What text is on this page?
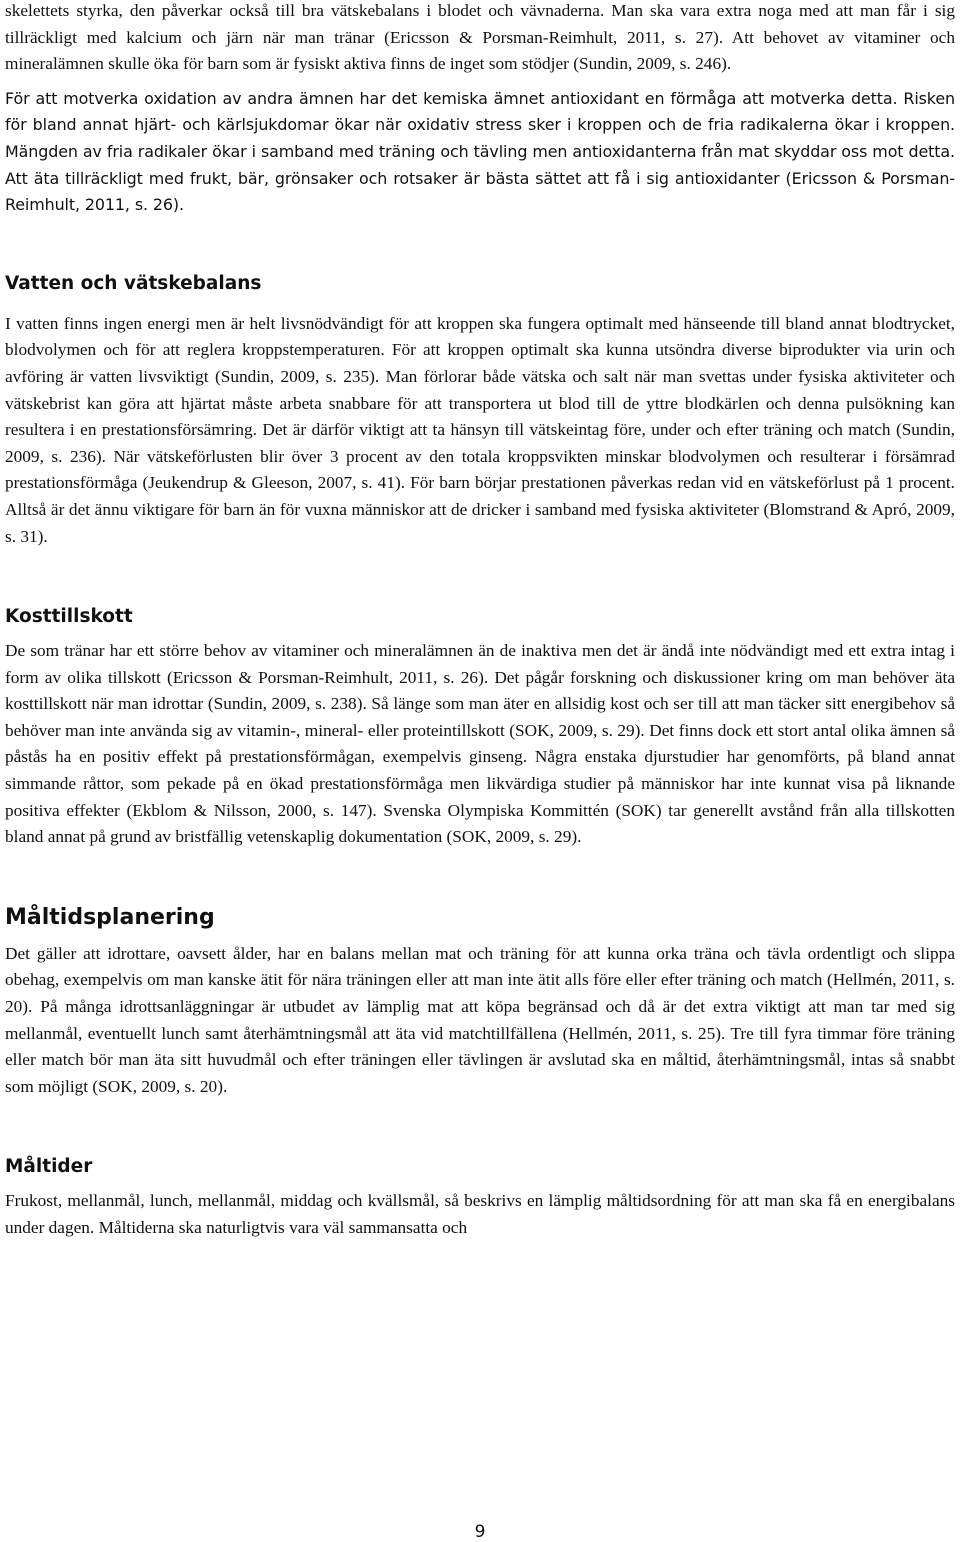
skelettets styrka, den påverkar också till bra vätskebalans i blodet och vävnaderna. Man ska vara extra noga med att man får i sig tillräckligt med kalcium och järn när man tränar (Ericsson & Porsman-Reimhult, 2011, s. 27). Att behovet av vitaminer och mineralämnen skulle öka för barn som är fysiskt aktiva finns de inget som stödjer (Sundin, 2009, s. 246).

För att motverka oxidation av andra ämnen har det kemiska ämnet antioxidant en förmåga att motverka detta. Risken för bland annat hjärt- och kärlsjukdomar ökar när oxidativ stress sker i kroppen och de fria radikalerna ökar i kroppen. Mängden av fria radikaler ökar i samband med träning och tävling men antioxidanterna från mat skyddar oss mot detta. Att äta tillräckligt med frukt, bär, grönsaker och rotsaker är bästa sättet att få i sig antioxidanter (Ericsson & Porsman-Reimhult, 2011, s. 26).

Vatten och vätskebalans

I vatten finns ingen energi men är helt livsnödvändigt för att kroppen ska fungera optimalt med hänseende till bland annat blodtrycket, blodvolymen och för att reglera kroppstemperaturen. För att kroppen optimalt ska kunna utsöndra diverse biprodukter via urin och avföring är vatten livsviktigt (Sundin, 2009, s. 235). Man förlorar både vätska och salt när man svettas under fysiska aktiviteter och vätskebrist kan göra att hjärtat måste arbeta snabbare för att transportera ut blod till de yttre blodkärlen och denna pulsökning kan resultera i en prestationsförsämring. Det är därför viktigt att ta hänsyn till vätskeintag före, under och efter träning och match (Sundin, 2009, s. 236). När vätskeförlusten blir över 3 procent av den totala kroppsvikten minskar blodvolymen och resulterar i försämrad prestationsförmåga (Jeukendrup & Gleeson, 2007, s. 41). För barn börjar prestationen påverkas redan vid en vätskeförlust på 1 procent. Alltså är det ännu viktigare för barn än för vuxna människor att de dricker i samband med fysiska aktiviteter (Blomstrand & Apró, 2009, s. 31).

Kosttillskott

De som tränar har ett större behov av vitaminer och mineralämnen än de inaktiva men det är ändå inte nödvändigt med ett extra intag i form av olika tillskott (Ericsson & Porsman-Reimhult, 2011, s. 26). Det pågår forskning och diskussioner kring om man behöver äta kosttillskott när man idrottar (Sundin, 2009, s. 238). Så länge som man äter en allsidig kost och ser till att man täcker sitt energibehov så behöver man inte använda sig av vitamin-, mineral- eller proteintillskott (SOK, 2009, s. 29). Det finns dock ett stort antal olika ämnen så påstås ha en positiv effekt på prestationsförmågan, exempelvis ginseng. Några enstaka djurstudier har genomförts, på bland annat simmande råttor, som pekade på en ökad prestationsförmåga men likvärdiga studier på människor har inte kunnat visa på liknande positiva effekter (Ekblom & Nilsson, 2000, s. 147). Svenska Olympiska Kommittén (SOK) tar generellt avstånd från alla tillskotten bland annat på grund av bristfällig vetenskaplig dokumentation (SOK, 2009, s. 29).

Måltidsplanering

Det gäller att idrottare, oavsett ålder, har en balans mellan mat och träning för att kunna orka träna och tävla ordentligt och slippa obehag, exempelvis om man kanske ätit för nära träningen eller att man inte ätit alls före eller efter träning och match (Hellmén, 2011, s. 20). På många idrottsanläggningar är utbudet av lämplig mat att köpa begränsad och då är det extra viktigt att man tar med sig mellanmål, eventuellt lunch samt återhämtningsmål att äta vid matchtillfällena (Hellmén, 2011, s. 25). Tre till fyra timmar före träning eller match bör man äta sitt huvudmål och efter träningen eller tävlingen är avslutad ska en måltid, återhämtningsmål, intas så snabbt som möjligt (SOK, 2009, s. 20).

Måltider

Frukost, mellanmål, lunch, mellanmål, middag och kvällsmål, så beskrivs en lämplig måltidsordning för att man ska få en energibalans under dagen. Måltiderna ska naturligtvis vara väl sammansatta och

9
